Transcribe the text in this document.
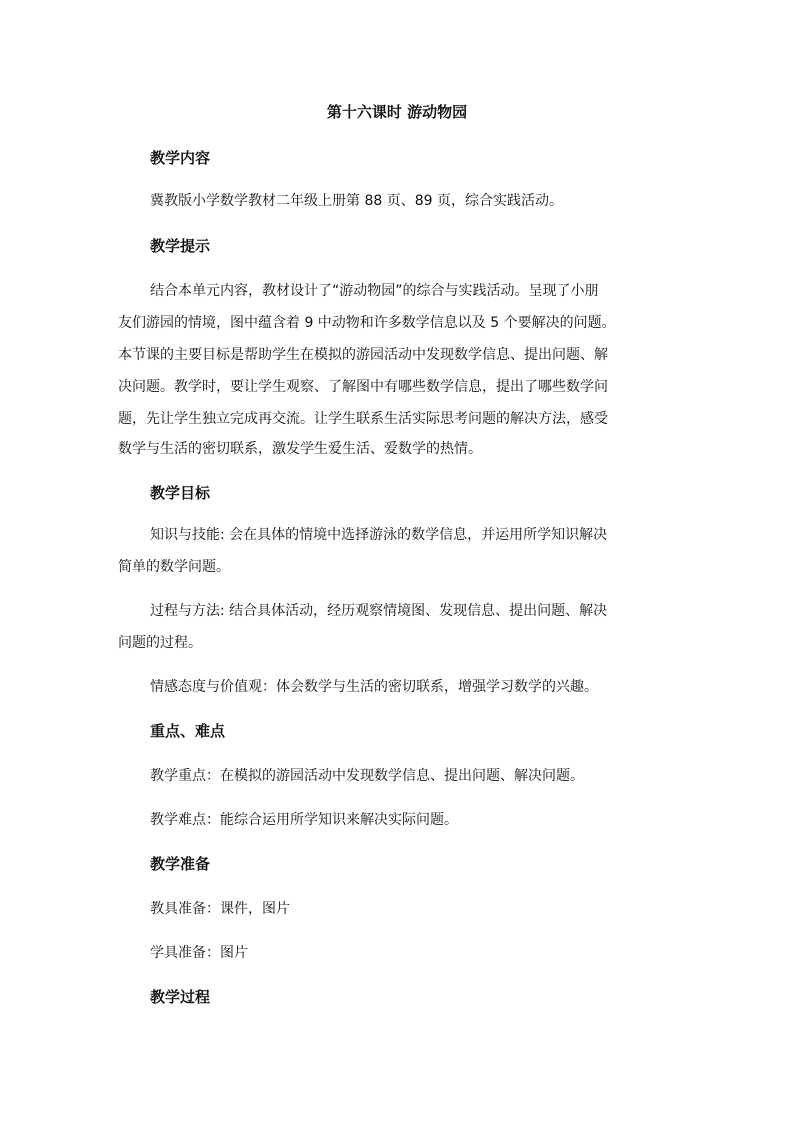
第十六课时 游动物园
教学内容
冀教版小学数学教材二年级上册第 88 页、89 页，综合实践活动。
教学提示
结合本单元内容，教材设计了“游动物园”的综合与实践活动。呈现了小朋
友们游园的情境，图中蕴含着 9 中动物和许多数学信息以及 5 个要解决的问题。
本节课的主要目标是帮助学生在模拟的游园活动中发现数学信息、提出问题、解
决问题。教学时，要让学生观察、了解图中有哪些数学信息，提出了哪些数学问
题，先让学生独立完成再交流。让学生联系生活实际思考问题的解决方法，感受
数学与生活的密切联系，激发学生爱生活、爱数学的热情。
教学目标
知识与技能: 会在具体的情境中选择游泳的数学信息，并运用所学知识解决
简单的数学问题。
过程与方法: 结合具体活动，经历观察情境图、发现信息、提出问题、解决
问题的过程。
情感态度与价值观：体会数学与生活的密切联系，增强学习数学的兴趣。
重点、难点
教学重点：在模拟的游园活动中发现数学信息、提出问题、解决问题。
教学难点：能综合运用所学知识来解决实际问题。
教学准备
教具准备：课件，图片
学具准备：图片
教学过程
